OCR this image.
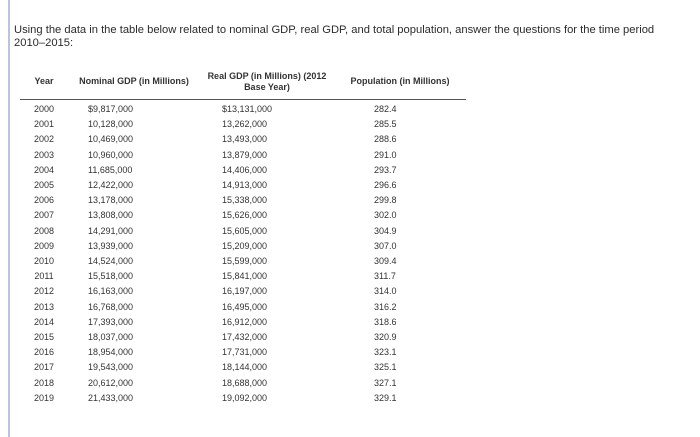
Using the data in the table below related to nominal GDP, real GDP, and total population, answer the questions for the time period 2010–2015:
Year	Nominal GDP (in Millions)	Real GDP (in Millions) (2012 Base Year)	Population (in Millions)
2000	$9,817,000	$13,131,000	282.4
2001	10,128,000	13,262,000	285.5
2002	10,469,000	13,493,000	288.6
2003	10,960,000	13,879,000	291.0
2004	11,685,000	14,406,000	293.7
2005	12,422,000	14,913,000	296.6
2006	13,178,000	15,338,000	299.8
2007	13,808,000	15,626,000	302.0
2008	14,291,000	15,605,000	304.9
2009	13,939,000	15,209,000	307.0
2010	14,524,000	15,599,000	309.4
2011	15,518,000	15,841,000	311.7
2012	16,163,000	16,197,000	314.0
2013	16,768,000	16,495,000	316.2
2014	17,393,000	16,912,000	318.6
2015	18,037,000	17,432,000	320.9
2016	18,954,000	17,731,000	323.1
2017	19,543,000	18,144,000	325.1
2018	20,612,000	18,688,000	327.1
2019	21,433,000	19,092,000	329.1
